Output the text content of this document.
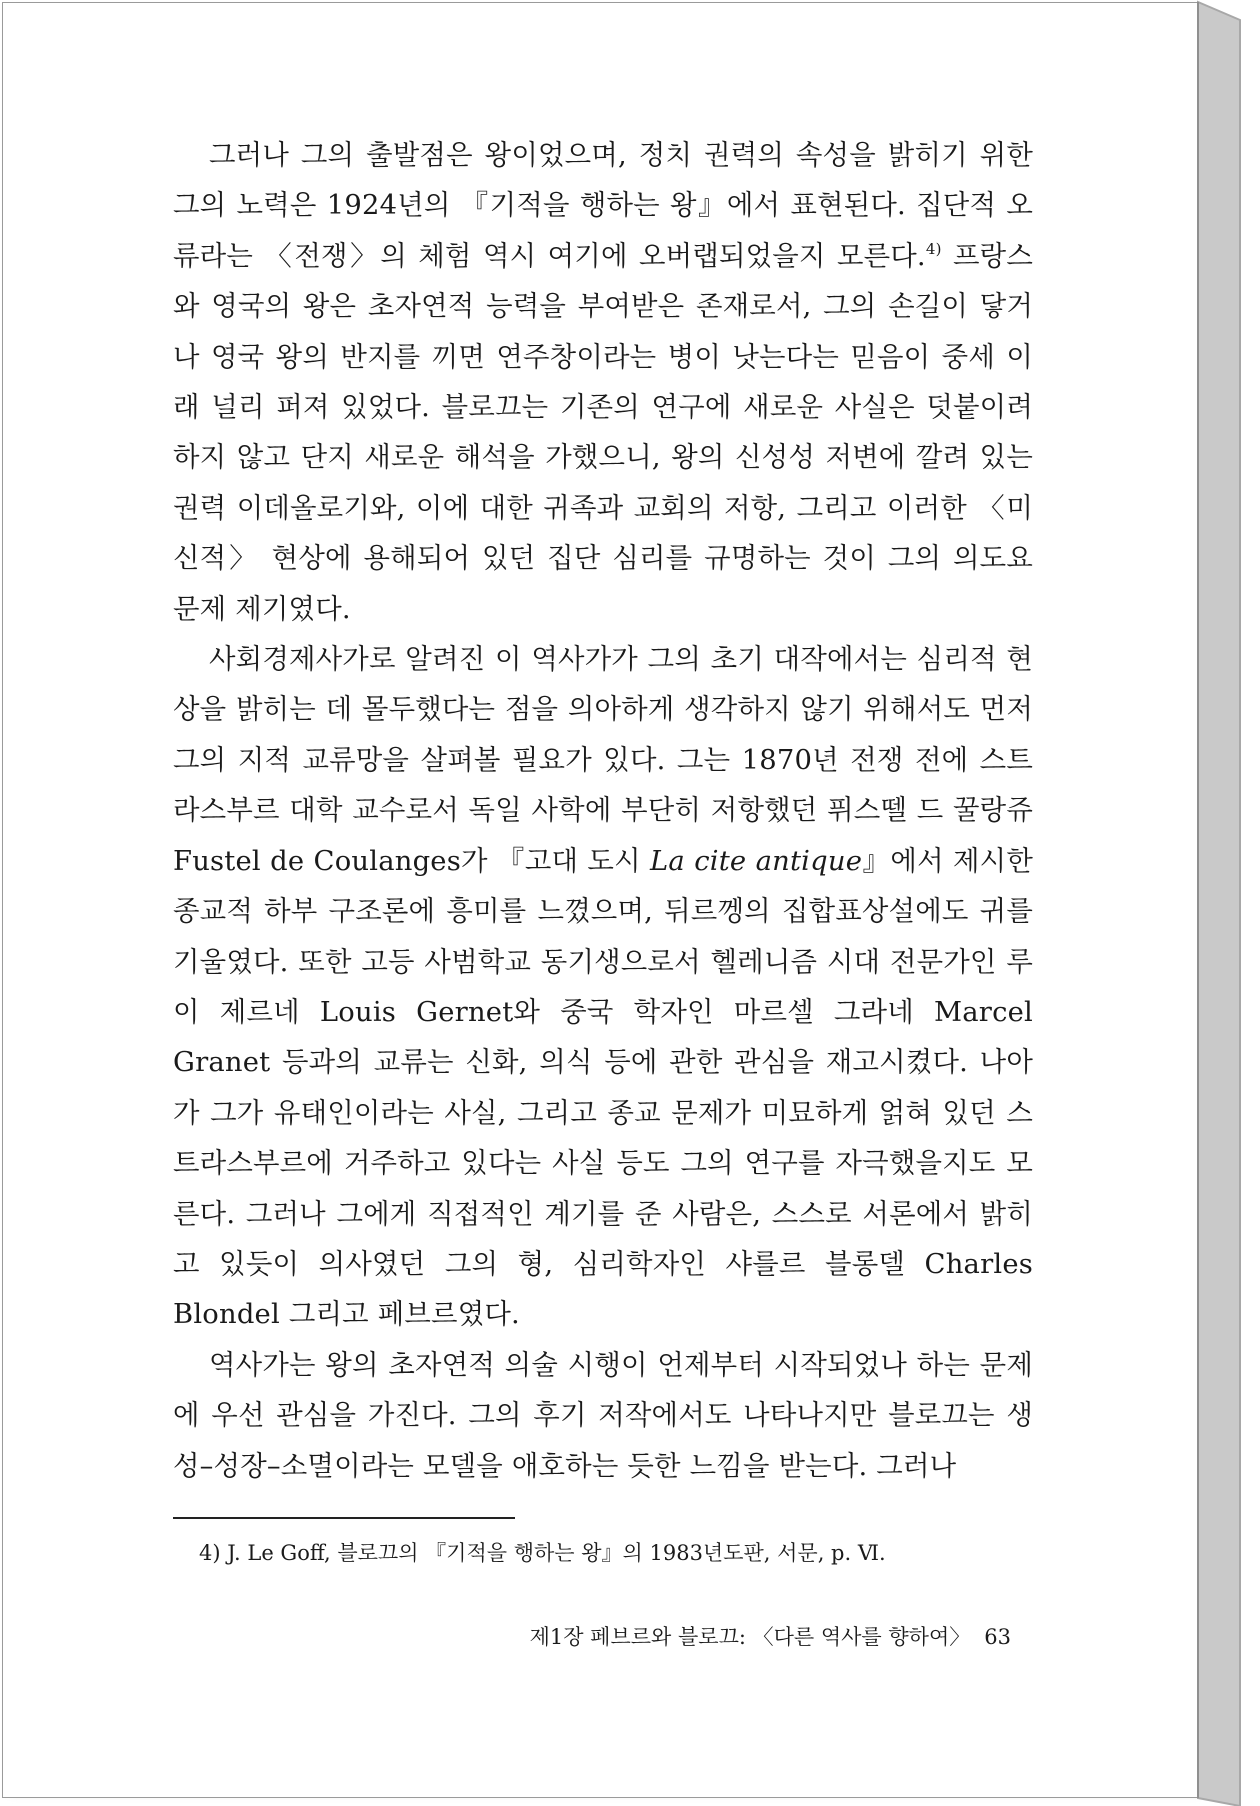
그러나 그의 출발점은 왕이었으며, 정치 권력의 속성을 밝히기 위한 그의 노력은 1924년의 『기적을 행하는 왕』에서 표현된다. 집단적 오류라는 〈전쟁〉의 체험 역시 여기에 오버랩되었을지 모른다.$^{4)}$ 프랑스와 영국의 왕은 초자연적 능력을 부여받은 존재로서, 그의 손길이 닿거나 영국 왕의 반지를 끼면 연주창이라는 병이 낫는다는 믿음이 중세 이래 널리 퍼져 있었다. 블로끄는 기존의 연구에 새로운 사실은 덧붙이려 하지 않고 단지 새로운 해석을 가했으니, 왕의 신성성 저변에 깔려 있는 권력 이데올로기와, 이에 대한 귀족과 교회의 저항, 그리고 이러한 〈미신적〉 현상에 용해되어 있던 집단 심리를 규명하는 것이 그의 의도요 문제 제기였다.

사회경제사가로 알려진 이 역사가가 그의 초기 대작에서는 심리적 현상을 밝히는 데 몰두했다는 점을 의아하게 생각하지 않기 위해서도 먼저 그의 지적 교류망을 살펴볼 필요가 있다. 그는 1870년 전쟁 전에 스트라스부르 대학 교수로서 독일 사학에 부단히 저항했던 퓌스뗄 드 꿀랑쥬 Fustel de Coulanges가 『고대 도시 La cite antique』에서 제시한 종교적 하부 구조론에 흥미를 느꼈으며, 뒤르껭의 집합표상설에도 귀를 기울였다. 또한 고등 사범학교 동기생으로서 헬레니즘 시대 전문가인 루이 제르네 Louis Gernet와 중국 학자인 마르셀 그라네 Marcel Granet 등과의 교류는 신화, 의식 등에 관한 관심을 재고시켰다. 나아가 그가 유태인이라는 사실, 그리고 종교 문제가 미묘하게 얽혀 있던 스트라스부르에 거주하고 있다는 사실 등도 그의 연구를 자극했을지도 모른다. 그러나 그에게 직접적인 계기를 준 사람은, 스스로 서론에서 밝히고 있듯이 의사였던 그의 형, 심리학자인 샤를르 블롱델 Charles Blondel 그리고 페브르였다.

역사가는 왕의 초자연적 의술 시행이 언제부터 시작되었나 하는 문제에 우선 관심을 가진다. 그의 후기 저작에서도 나타나지만 블로끄는 생성–성장–소멸이라는 모델을 애호하는 듯한 느낌을 받는다. 그러나

4) J. Le Goff, 블로끄의 『기적을 행하는 왕』의 1983년도판, 서문, p. Ⅵ.
제1장 페브르와 블로끄: 〈다른 역사를 향하여〉 63
